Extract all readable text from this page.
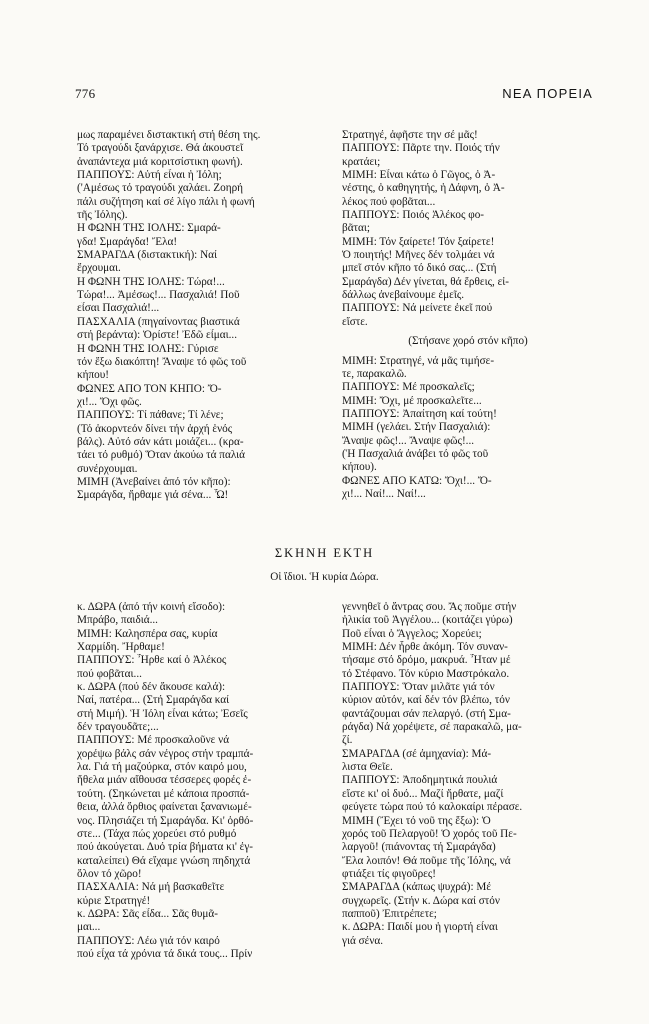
776	ΝΕΑ ΠΟΡΕΙΑ
μως παραμένει διστακτική στή θέση της.
Τό τραγούδι ξανάρχισε. Θά ἀκουστεῖ
ἀναπάντεχα μιά κοριτσίστικη φωνή).
ΠΑΠΠΟΥΣ: Αὐτή εἶναι ἡ Ἰόλη;
('Αμέσως τό τραγούδι χαλάει. Ζοηρή
πάλι συζήτηση καί σέ λίγο πάλι ἡ φωνή
τῆς Ἰόλης).
Η ΦΩΝΗ ΤΗΣ ΙΟΛΗΣ: Σμαρά-
γδα! Σμαράγδα! Ἔλα!
ΣΜΑΡΑΓΔΑ (διστακτική): Ναί
ἔρχουμαι.
Η ΦΩΝΗ ΤΗΣ ΙΟΛΗΣ: Τώρα!...
Τώρα!... Ἀμέσως!... Πασχαλιά! Ποῦ
εἶσαι Πασχαλιά!...
ΠΑΣΧΑΛΙΑ (πηγαίνοντας βιαστικά
στή βεράντα): Ὁρίστε! Ἐδῶ εἶμαι...
Η ΦΩΝΗ ΤΗΣ ΙΟΛΗΣ: Γύρισε
τόν ἔξω διακόπτη! Ἄναψε τό φῶς τοῦ
κήπου!
ΦΩΝΕΣ ΑΠΟ ΤΟΝ ΚΗΠΟ: Ὄ-
χι!... Ὄχι φῶς.
ΠΑΠΠΟΥΣ: Τί πάθανε; Τί λένε;
(Τό ἀκορντεόν δίνει τήν ἀρχή ἑνός
βάλς). Αὐτό σάν κάτι μοιάζει... (κρα-
τάει τό ρυθμό) Ὅταν ἀκούω τά παλιά
συνέρχουμαι.
ΜΙΜΗ (Ἀνεβαίνει ἀπό τόν κῆπο):
Σμαράγδα, ἤρθαμε γιά σένα... Ὦ!
Στρατηγέ, ἀφῆστε την σέ μᾶς!
ΠΑΠΠΟΥΣ: Πᾶρτε την. Ποιός τήν
κρατάει;
ΜΙΜΗ: Εἶναι κάτω ὁ Γῶγος, ὁ Ἀ-
νέστης, ὁ καθηγητής, ἡ Δάφνη, ὁ Ἀ-
λέκος πού φοβᾶται...
ΠΑΠΠΟΥΣ: Ποιός Ἀλέκος φο-
βᾶται;
ΜΙΜΗ: Τόν ξαίρετε! Τόν ξαίρετε!
Ὁ ποιητής! Μῆνες δέν τολμάει νά
μπεῖ στόν κῆπο τό δικό σας... (Στή
Σμαράγδα) Δέν γίνεται, θά ἔρθεις, εἰ-
δάλλως ἀνεβαίνουμε ἐμεῖς.
ΠΑΠΠΟΥΣ: Νά μείνετε ἐκεῖ πού
εἴστε.
(Στήσανε χορό στόν κῆπο)
ΜΙΜΗ: Στρατηγέ, νά μᾶς τιμήσε-
τε, παρακαλῶ.
ΠΑΠΠΟΥΣ: Μέ προσκαλεῖς;
ΜΙΜΗ: Ὄχι, μέ προσκαλεῖτε...
ΠΑΠΠΟΥΣ: Ἀπαίτηση καί τούτη!
ΜΙΜΗ (γελάει. Στήν Πασχαλιά):
Ἄναψε φῶς!... Ἄναψε φῶς!...
(Ἡ Πασχαλιά ἀνάβει τό φῶς τοῦ
κήπου).
ΦΩΝΕΣ ΑΠΟ ΚΑΤΩ: Ὄχι!... Ὄ-
χι!... Ναί!... Ναί!...
ΣΚΗΝΗ ΕΚΤΗ
Οἱ ἴδιοι. Ἡ κυρία Δώρα.
κ. ΔΩΡΑ (ἀπό τήν κοινή εἴσοδο):
Μπράβο, παιδιά...
ΜΙΜΗ: Καλησπέρα σας, κυρία
Χαρμίδη. Ἤρθαμε!
ΠΑΠΠΟΥΣ: Ἦρθε καί ὁ Ἀλέκος
πού φοβᾶται...
κ. ΔΩΡΑ (πού δέν ἄκουσε καλά):
Ναί, πατέρα... (Στή Σμαράγδα καί
στή Μιμή). Ἡ Ἰόλη εἶναι κάτω; Ἐσεῖς
δέν τραγουδᾶτε;...
ΠΑΠΠΟΥΣ: Μέ προσκαλοῦνε νά
χορέψω βάλς σάν νέγρος στήν τραμπά-
λα. Γιά τή μαζούρκα, στόν καιρό μου,
ἤθελα μιάν αἴθουσα τέσσερες φορές ἐ-
τούτη. (Σηκώνεται μέ κάποια προσπά-
θεια, ἀλλά ὄρθιος φαίνεται ξανανιωμέ-
νος. Πλησιάζει τή Σμαράγδα. Κι' ὀρθό-
στε... (Τάχα πώς χορεύει στό ρυθμό
πού ἀκούγεται. Δυό τρία βήματα κι' ἐγ-
καταλείπει) Θά εἴχαμε γνώση πηδηχτά
ὅλον τό χῶρο!
ΠΑΣΧΑΛΙΑ: Νά μή βασκαθεῖτε
κύριε Στρατηγέ!
κ. ΔΩΡΑ: Σᾶς εἶδα... Σᾶς θυμᾶ-
μαι...
ΠΑΠΠΟΥΣ: Λέω γιά τόν καιρό
πού εἶχα τά χρόνια τά δικά τους... Πρίν
γεννηθεῖ ὁ ἄντρας σου. Ἄς ποῦμε στήν
ἡλικία τοῦ Ἀγγέλου... (κοιτάζει γύρω)
Ποῦ εἶναι ὁ Ἄγγελος; Χορεύει;
ΜΙΜΗ: Δέν ἦρθε ἀκόμη. Τόν συναν-
τήσαμε στό δρόμο, μακρυά. Ἦταν μέ
τό Στέφανο. Τόν κύριο Μαστρόκαλο.
ΠΑΠΠΟΥΣ: Ὅταν μιλᾶτε γιά τόν
κύριον αὐτόν, καί δέν τόν βλέπω, τόν
φαντάζουμαι σάν πελαργό. (στή Σμα-
ράγδα) Νά χορέψετε, σέ παρακαλῶ, μα-
ζί.
ΣΜΑΡΑΓΔΑ (σέ ἀμηχανία): Μά-
λιστα Θεῖε.
ΠΑΠΠΟΥΣ: Ἀποδημητικά πουλιά
εἴστε κι' οἱ δυό... Μαζί ἤρθατε, μαζί
φεύγετε τώρα πού τό καλοκαίρι πέρασε.
ΜΙΜΗ (Ἔχει τό νοῦ της ἔξω): Ὁ
χορός τοῦ Πελαργοῦ! Ὁ χορός τοῦ Πε-
λαργοῦ! (πιάνοντας τή Σμαράγδα)
Ἔλα λοιπόν! Θά ποῦμε τῆς Ἰόλης, νά
φτιάξει τίς φιγοῦρες!
ΣΜΑΡΑΓΔΑ (κάπως ψυχρά): Μέ
συγχωρεῖς. (Στήν κ. Δώρα καί στόν
παπποῦ) Ἐπιτρέπετε;
κ. ΔΩΡΑ: Παιδί μου ἡ γιορτή εἶναι
γιά σένα.
